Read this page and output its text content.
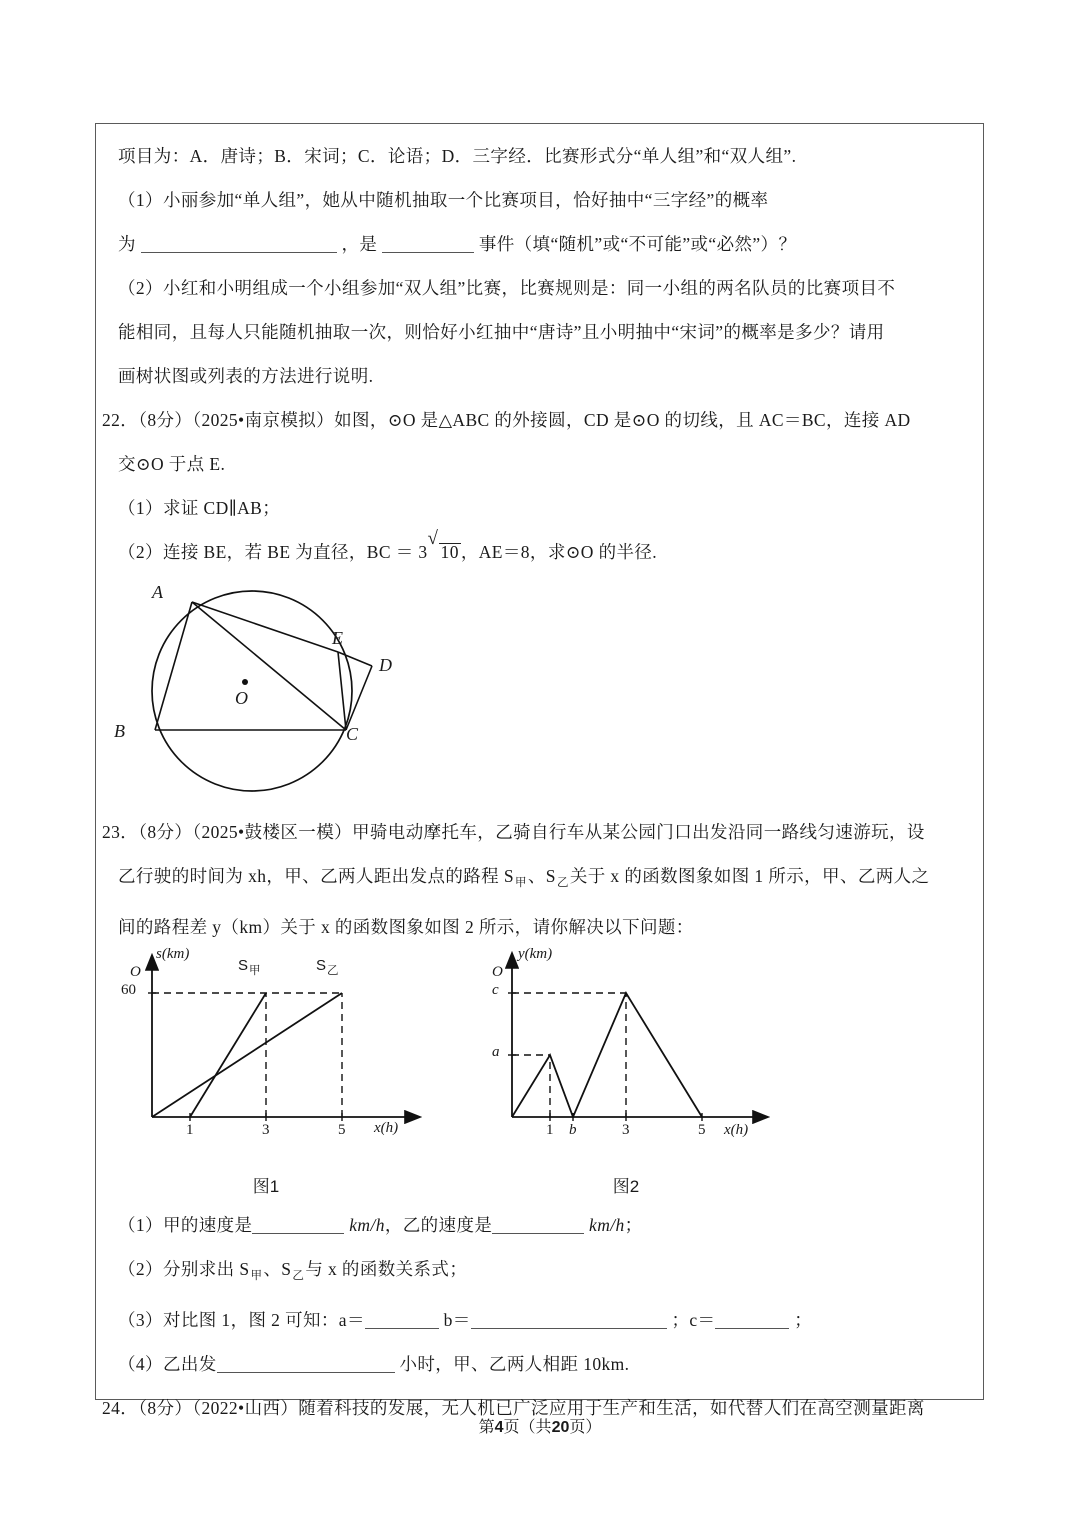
项目为：A．唐诗；B．宋词；C．论语；D．三字经．比赛形式分“单人组”和“双人组”.

（1）小丽参加“单人组”，她从中随机抽取一个比赛项目，恰好抽中“三字经”的概率

为	，是	事件（填“随机”或“不可能”或“必然”）？

（2）小红和小明组成一个小组参加“双人组”比赛，比赛规则是：同一小组的两名队员的比赛项目不

能相同，且每人只能随机抽取一次，则恰好小红抽中“唐诗”且小明抽中“宋词”的概率是多少？请用

画树状图或列表的方法进行说明.

22．（8分）（2025•南京模拟）如图，⊙O 是△ABC 的外接圆，CD 是⊙O 的切线，且 AC＝BC，连接 AD

交⊙O 于点 E.

（1）求证 CD∥AB；

（2）连接 BE，若 BE 为直径，BC ＝ 3
√
10 ，AE＝8，求⊙O 的半径.

A
B	C
D
E
O

23．（8分）（2025•鼓楼区一模）甲骑电动摩托车，乙骑自行车从某公园门口出发沿同一路线匀速游玩，设

乙行驶的时间为 xh，甲、乙两人距出发点的路程 $S_甲$、$S_乙$关于 x 的函数图象如图 1 所示，甲、乙两人之

间的路程差 y（km）关于 x 的函数图象如图 2 所示，请你解决以下问题：

s(km)
x(h)
O
60
1	3	5
$S_甲$	$S_乙$
图1
y(km)
x(h)
O
a
c
1 b	3	5
图2

（1）甲的速度是	km/h，乙的速度是	km/h；

（2）分别求出 $S_甲$、$S_乙$与 x 的函数关系式；

（3）对比图 1，图 2 可知：a＝	b＝	；c＝	；

（4）乙出发	小时，甲、乙两人相距 10km.

24．（8分）（2022•山西）随着科技的发展，无人机已广泛应用于生产和生活，如代替人们在高空测量距离

第4页（共20页）
